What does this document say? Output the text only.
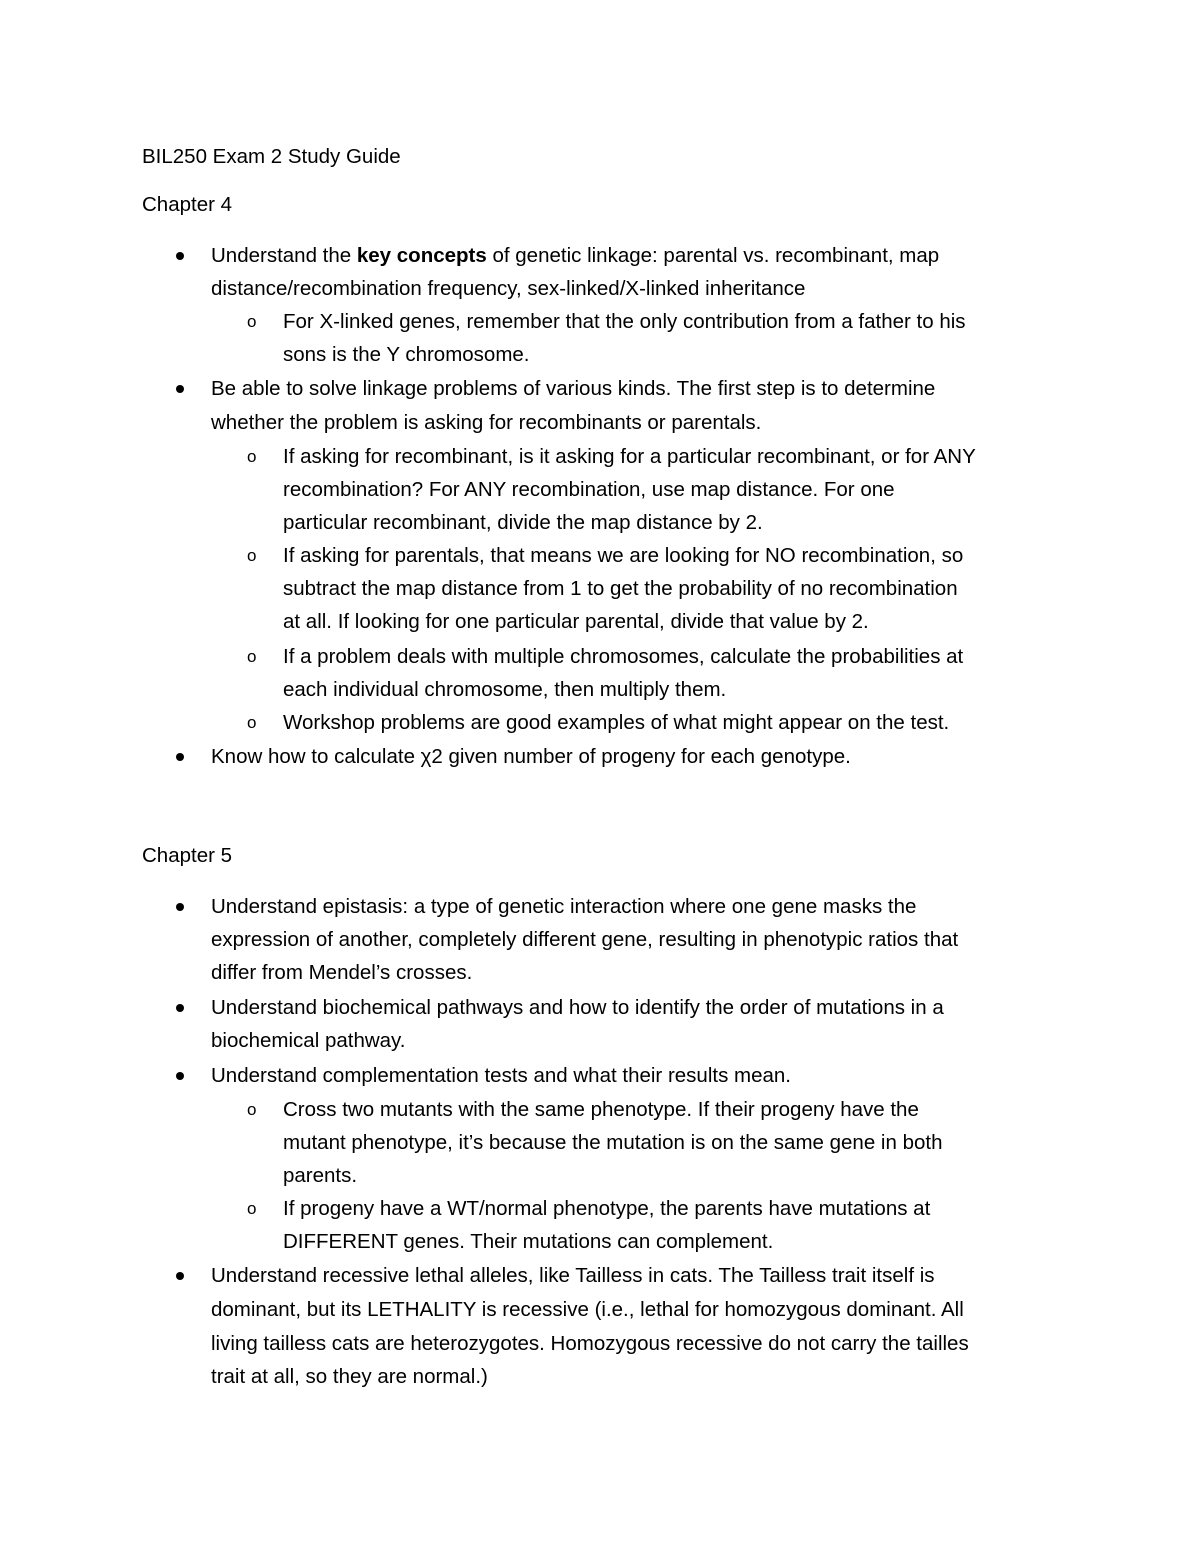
BIL250 Exam 2 Study Guide
Chapter 4
Understand the key concepts of genetic linkage: parental vs. recombinant, map
distance/recombination frequency, sex-linked/X-linked inheritance
o For X-linked genes, remember that the only contribution from a father to his
sons is the Y chromosome.
Be able to solve linkage problems of various kinds. The first step is to determine
whether the problem is asking for recombinants or parentals.
o If asking for recombinant, is it asking for a particular recombinant, or for ANY
recombination? For ANY recombination, use map distance. For one
particular recombinant, divide the map distance by 2.
o If asking for parentals, that means we are looking for NO recombination, so
subtract the map distance from 1 to get the probability of no recombination
at all. If looking for one particular parental, divide that value by 2.
o If a problem deals with multiple chromosomes, calculate the probabilities at
each individual chromosome, then multiply them.
o Workshop problems are good examples of what might appear on the test.
Know how to calculate χ2 given number of progeny for each genotype.
Chapter 5
Understand epistasis: a type of genetic interaction where one gene masks the
expression of another, completely different gene, resulting in phenotypic ratios that
differ from Mendel’s crosses.
Understand biochemical pathways and how to identify the order of mutations in a
biochemical pathway.
Understand complementation tests and what their results mean.
o Cross two mutants with the same phenotype. If their progeny have the
mutant phenotype, it’s because the mutation is on the same gene in both
parents.
o If progeny have a WT/normal phenotype, the parents have mutations at
DIFFERENT genes. Their mutations can complement.
Understand recessive lethal alleles, like Tailless in cats. The Tailless trait itself is
dominant, but its LETHALITY is recessive (i.e., lethal for homozygous dominant. All
living tailless cats are heterozygotes. Homozygous recessive do not carry the tailles
trait at all, so they are normal.)
